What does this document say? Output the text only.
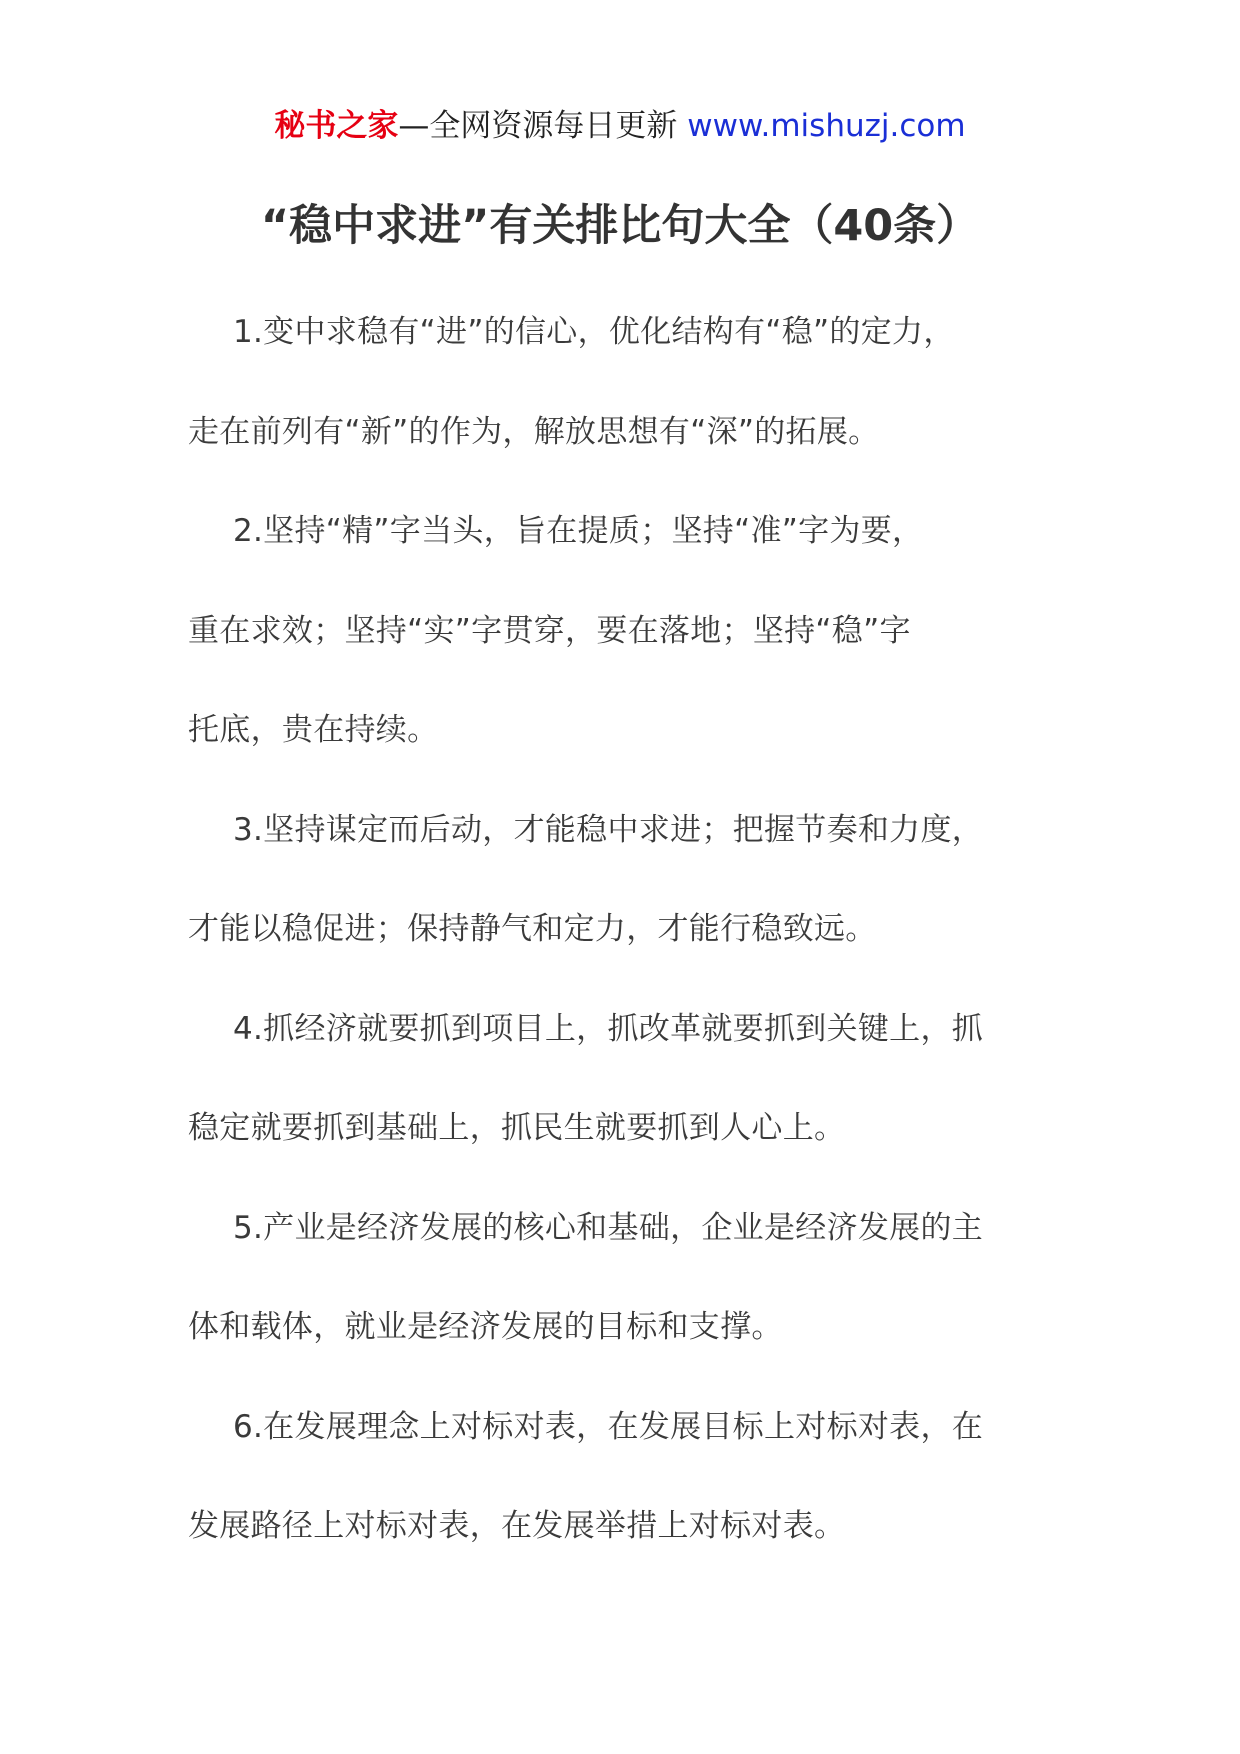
秘书之家—全网资源每日更新 www.mishuzj.com
“稳中求进”有关排比句大全（40条）

1.变中求稳有“进”的信心，优化结构有“稳”的定力，
走在前列有“新”的作为，解放思想有“深”的拓展。

2.坚持“精”字当头，旨在提质；坚持“准”字为要，
重在求效；坚持“实”字贯穿，要在落地；坚持“稳”字
托底，贵在持续。

3.坚持谋定而后动，才能稳中求进；把握节奏和力度，
才能以稳促进；保持静气和定力，才能行稳致远。

4.抓经济就要抓到项目上，抓改革就要抓到关键上，抓
稳定就要抓到基础上，抓民生就要抓到人心上。

5.产业是经济发展的核心和基础，企业是经济发展的主
体和载体，就业是经济发展的目标和支撑。

6.在发展理念上对标对表，在发展目标上对标对表，在
发展路径上对标对表，在发展举措上对标对表。
